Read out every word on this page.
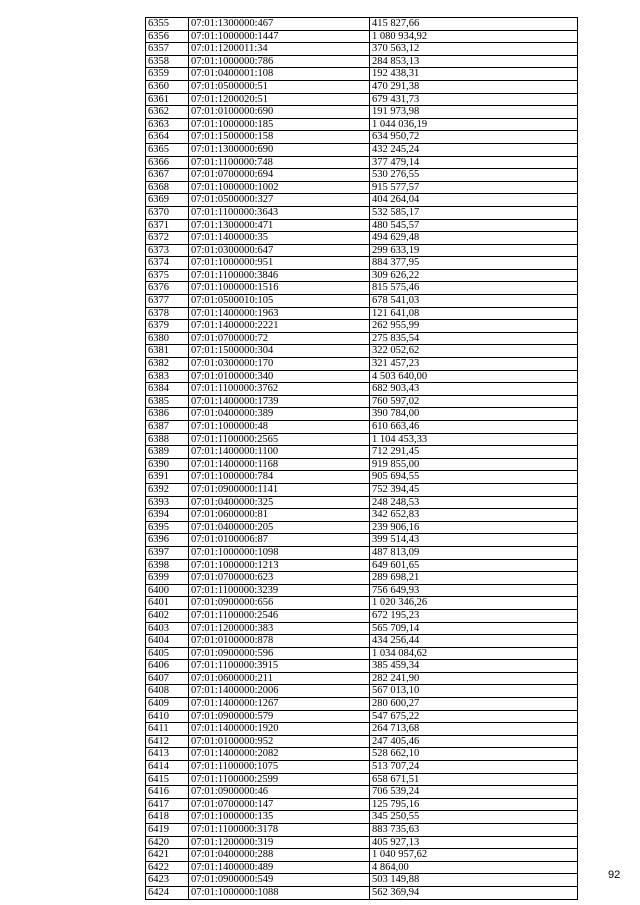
6355	07:01:1300000:467	415 827,66
6356	07:01:1000000:1447	1 080 934,92
6357	07:01:1200011:34	370 563,12
6358	07:01:1000000:786	284 853,13
6359	07:01:0400001:108	192 438,31
6360	07:01:0500000:51	470 291,38
6361	07:01:1200020:51	679 431,73
6362	07:01:0100000:690	191 973,98
6363	07:01:1000000:185	1 044 036,19
6364	07:01:1500000:158	634 950,72
6365	07:01:1300000:690	432 245,24
6366	07:01:1100000:748	377 479,14
6367	07:01:0700000:694	530 276,55
6368	07:01:1000000:1002	915 577,57
6369	07:01:0500000:327	404 264,04
6370	07:01:1100000:3643	532 585,17
6371	07:01:1300000:471	480 545,57
6372	07:01:1400000:35	494 629,48
6373	07:01:0300000:647	299 633,19
6374	07:01:1000000:951	884 377,95
6375	07:01:1100000:3846	309 626,22
6376	07:01:1000000:1516	815 575,46
6377	07:01:0500010:105	678 541,03
6378	07:01:1400000:1963	121 641,08
6379	07:01:1400000:2221	262 955,99
6380	07:01:0700000:72	275 835,54
6381	07:01:1500000:304	322 052,62
6382	07:01:0300000:170	321 457,23
6383	07:01:0100000:340	4 503 640,00
6384	07:01:1100000:3762	682 903,43
6385	07:01:1400000:1739	760 597,02
6386	07:01:0400000:389	390 784,00
6387	07:01:1000000:48	610 663,46
6388	07:01:1100000:2565	1 104 453,33
6389	07:01:1400000:1100	712 291,45
6390	07:01:1400000:1168	919 855,00
6391	07:01:1000000:784	905 694,55
6392	07:01:0900000:1141	752 394,45
6393	07:01:0400000:325	248 248,53
6394	07:01:0600000:81	342 652,83
6395	07:01:0400000:205	239 906,16
6396	07:01:0100006:87	399 514,43
6397	07:01:1000000:1098	487 813,09
6398	07:01:1000000:1213	649 601,65
6399	07:01:0700000:623	289 698,21
6400	07:01:1100000:3239	756 649,93
6401	07:01:0900000:656	1 020 346,26
6402	07:01:1100000:2546	672 195,23
6403	07:01:1200000:383	565 709,14
6404	07:01:0100000:878	434 256,44
6405	07:01:0900000:596	1 034 084,62
6406	07:01:1100000:3915	385 459,34
6407	07:01:0600000:211	282 241,90
6408	07:01:1400000:2006	567 013,10
6409	07:01:1400000:1267	280 600,27
6410	07:01:0900000:579	547 675,22
6411	07:01:1400000:1920	264 713,68
6412	07:01:0100000:952	247 405,46
6413	07:01:1400000:2082	528 662,10
6414	07:01:1100000:1075	513 707,24
6415	07:01:1100000:2599	658 671,51
6416	07:01:0900000:46	706 539,24
6417	07:01:0700000:147	125 795,16
6418	07:01:1000000:135	345 250,55
6419	07:01:1100000:3178	883 735,63
6420	07:01:1200000:319	405 927,13
6421	07:01:0400000:288	1 040 957,62
6422	07:01:1400000:489	4 864,00
6423	07:01:0900000:549	503 149,88
6424	07:01:1000000:1088	562 369,94
92
